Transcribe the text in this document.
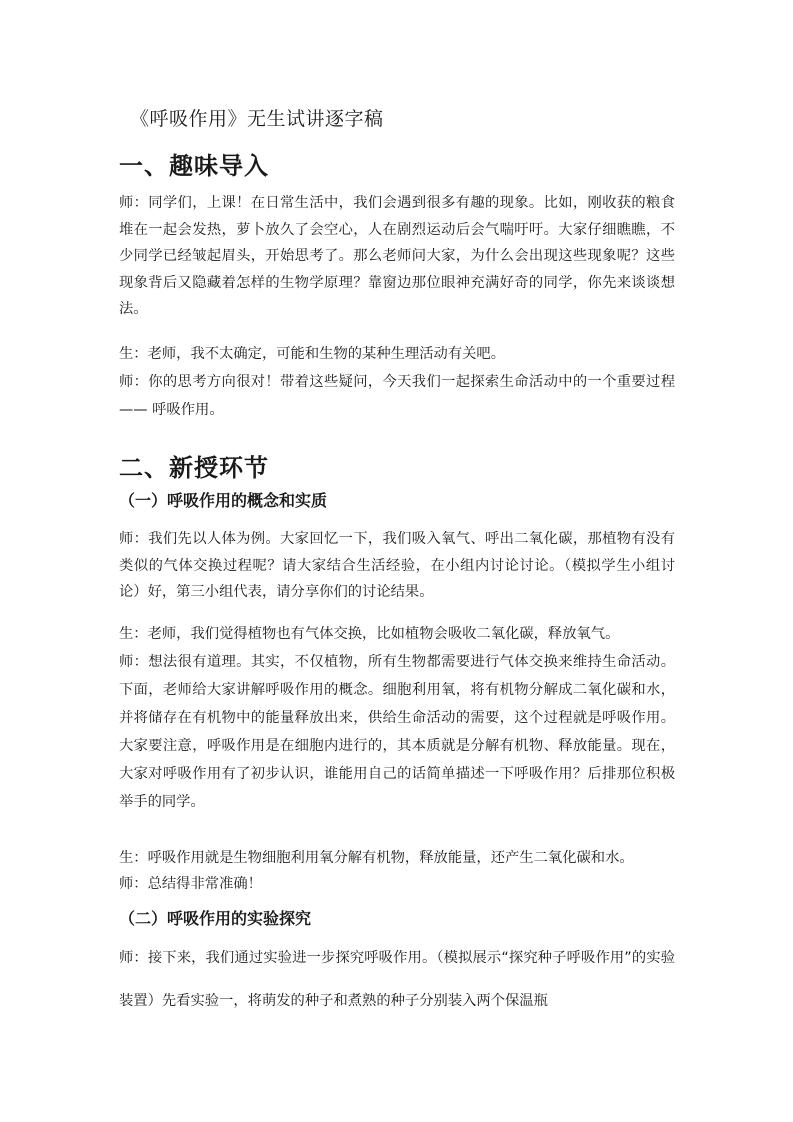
《呼吸作用》无生试讲逐字稿
一、趣味导入

师：同学们，上课！在日常生活中，我们会遇到很多有趣的现象。比如，刚收获的粮食堆在一起会发热，萝卜放久了会空心，人在剧烈运动后会气喘吁吁。大家仔细瞧瞧，不少同学已经皱起眉头，开始思考了。那么老师问大家，为什么会出现这些现象呢？这些现象背后又隐藏着怎样的生物学原理？靠窗边那位眼神充满好奇的同学，你先来谈谈想法。

生：老师，我不太确定，可能和生物的某种生理活动有关吧。

师：你的思考方向很对！带着这些疑问，今天我们一起探索生命活动中的一个重要过程 —— 呼吸作用。

二、新授环节
（一）呼吸作用的概念和实质

师：我们先以人体为例。大家回忆一下，我们吸入氧气、呼出二氧化碳，那植物有没有类似的气体交换过程呢？请大家结合生活经验，在小组内讨论讨论。（模拟学生小组讨论）好，第三小组代表，请分享你们的讨论结果。

生：老师，我们觉得植物也有气体交换，比如植物会吸收二氧化碳，释放氧气。

师：想法很有道理。其实，不仅植物，所有生物都需要进行气体交换来维持生命活动。下面，老师给大家讲解呼吸作用的概念。细胞利用氧，将有机物分解成二氧化碳和水，并将储存在有机物中的能量释放出来，供给生命活动的需要，这个过程就是呼吸作用。大家要注意，呼吸作用是在细胞内进行的，其本质就是分解有机物、释放能量。现在，大家对呼吸作用有了初步认识，谁能用自己的话简单描述一下呼吸作用？后排那位积极举手的同学。

生：呼吸作用就是生物细胞利用氧分解有机物，释放能量，还产生二氧化碳和水。

师：总结得非常准确！

（二）呼吸作用的实验探究

师：接下来，我们通过实验进一步探究呼吸作用。（模拟展示“探究种子呼吸作用”的实验装置）先看实验一，将萌发的种子和煮熟的种子分别装入两个保温瓶
